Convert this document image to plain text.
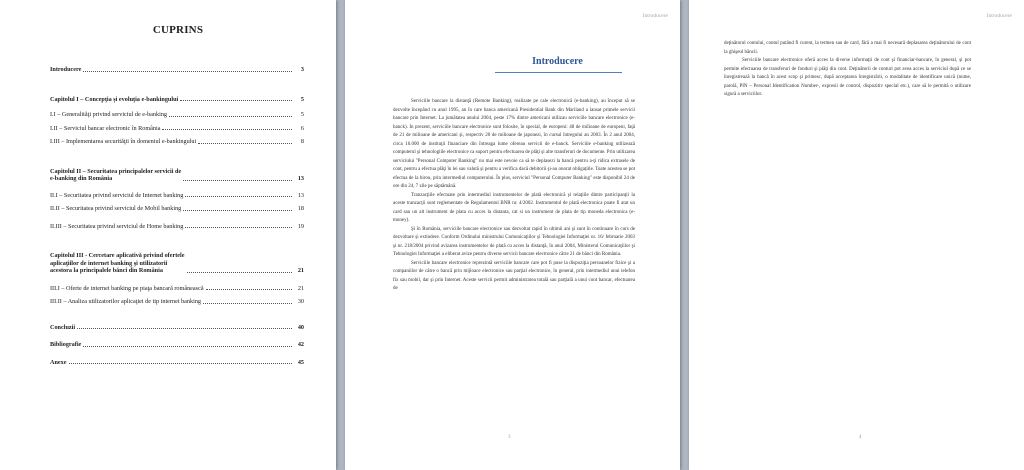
CUPRINS
Introducere	3
Capitolul I – Concepţia şi evoluţia e-bankingului	5
I.I – Generalităţi privind serviciul de e-banking	5
I.II – Serviciul bancar electronic în România	6
I.III – Implementarea securităţii în domeniul e-bankingului	8
Capitolul II – Securitatea principalelor servicii de
e-banking din România	13
II.I – Securitatea privind serviciul de Internet banking	13
II.II – Securitatea privind serviciul de Mobil banking	18
II.III – Securitatea privind serviciul de Home banking	19
Capitolul III - Cercetare aplicativă privind ofertele
aplicaţiilor de internet banking şi utilizatorii
acestora la principalele bănci din România	21
III.I – Oferte de internet banking pe piaţa bancară românească	21
III.II – Analiza utilizatorilor aplicaţiei de tip internet banking	30
Concluzii	40
Bibliografie	42
Anexe	45
Introducere
Introducere

Serviciile bancare la distanţă (Remote Banking), realizate pe cale electronică (e-banking), au început să se dezvolte începând cu anul 1995, an în care banca americană Presidential Bank din Mariland a lansat primele servicii bancare prin Internet. La jumătatea anului 2004, peste 17% dintre americani utilizau serviciile bancare electronice (e-banck). In prezent, serviciile bancare electronice sunt folosite, în special, de europeni: 48 de milioane de europeni, faţă de 21 de milioane de americani şi, respectiv 20 de milioane de japonezi, în cursul întregului an 2003. În 2 anul 2004, circa 16.000 de instituţii financiare din întreaga lume ofereau servicii de e-banck. Serviciile e-banking utilizează computerul şi tehnologiile electronice ca suport pentru efectuarea de plăţi şi alte transferuri de documente. Prin utilizarea serviciului "Personal Computer Banking" nu mai este nevoie ca să te deplasezi la bancă pentru a-ţi ridica extrasele de cont, pentru a efectua plăţi în lei sau valută şi pentru a verifica dacă debitorii şi-au onorat obligaţiile. Toate acestea se pot efectua de la birou, prin intermediul computerului. În plus, serviciul "Personal Computer Banking" este disponibil 24 de ore din 24, 7 zile pe săptămână.

Tranzacţiile efectuate prin intermediul instrumentelor de plată electronică şi relaţiile dintre participanţii la aceste tranzacţii sunt reglementate de Regulamentul BNR nr. 4/2002. Instrumentul de plată electronica poate fi atat un card sau un alt instrument de plata cu acces la distanta, cat si un instrument de plata de tip moneda electronica (e-money).

Şi în România, serviciile bancare electronice sau dezvoltat rapid în ultimii ani şi sunt în continuare în curs de dezvoltare şi extindere. Conform Ordinului ministrului Comunicaţiilor şi Tehnologiei Informaţiei nr. 16/ februarie 2003 şi nr. 218/2004 privind avizarea instrumentelor de plată cu acces la distanţă, în anul 2004, Ministerul Comunicaţiilor şi Tehnologiei Informaţiei a eliberat avize pentru diverse servicii bancare electronice către 21 de bănci din România.

Serviciile bancare electronice reprezintă serviciile bancare care pot fi puse la dispoziţia persoanelor fizice şi a companiilor de către o bancă prin mijloace electronice sau parţial electronice, în general, prin intermediul unui telefon fix sau mobil, dar şi prin Internet. Aceste servicii permit administrarea totală sau parţială a unui cont bancar, efectuarea de

3
Introducere

deţinătorul contului, contul putând fi curent, la termen sau de card, fără a mai fi necesară deplasarea deţinătorului de cont la ghişeul băncii.

Serviciile bancare electronice oferă acces la diverse informaţii de cont şi financiar-bancare, în general, şi pot permite efectuarea de transferuri de fonduri şi plăţi din cont. Deţinătorii de conturi pot avea acces la serviciul după ce se înregistrează la bancă în acest scop şi primesc, după acceptarea înregistrării, o modalitate de identificare unică (nume, parolă, PIN – Personal Identification Number-, expresii de control, dispozitiv special etc.), care să le permită o utilizare sigură a serviciilor.

4
